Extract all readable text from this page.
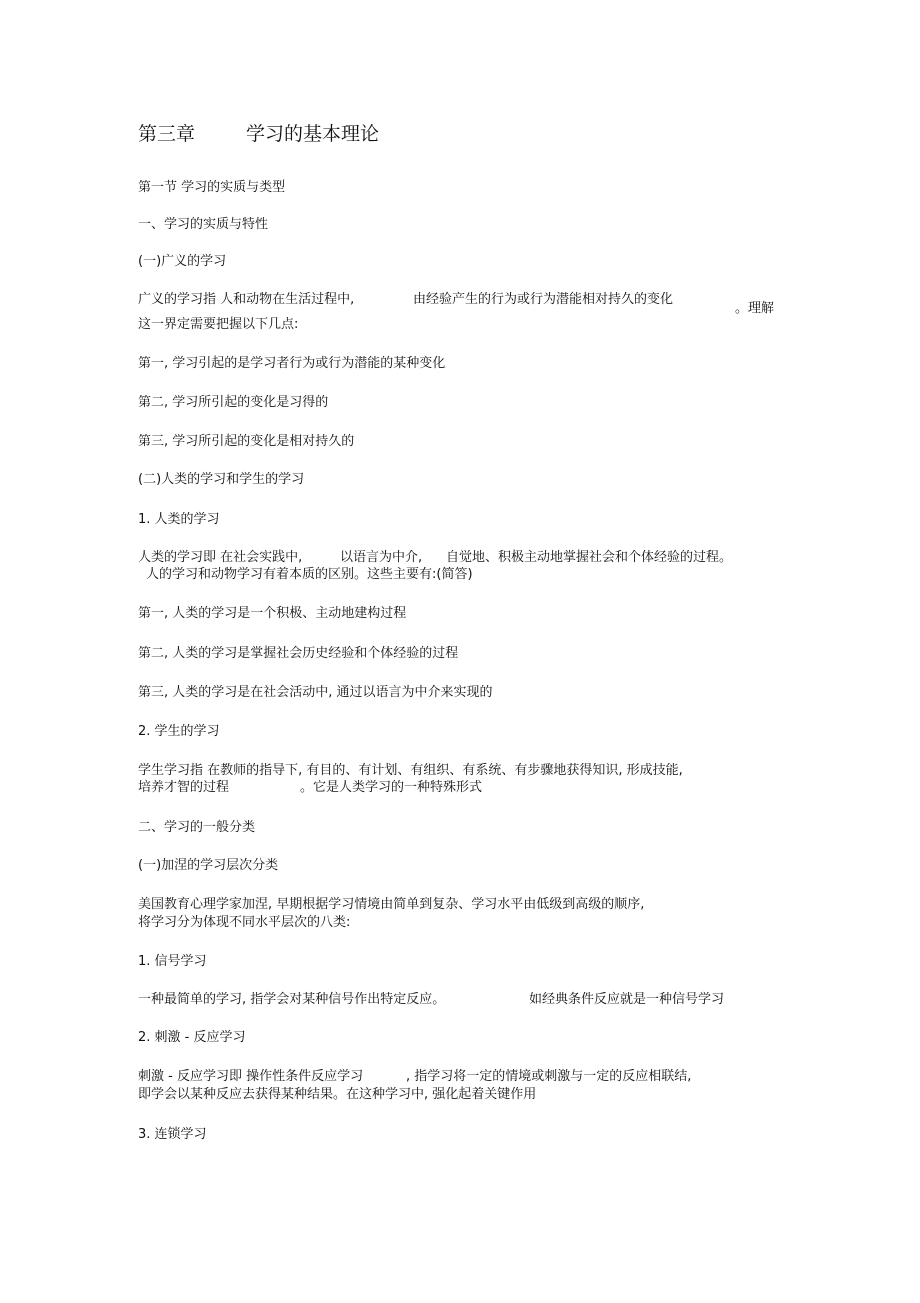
第三章	学习的基本理论
第一节 学习的实质与类型
一、学习的实质与特性
(一)广义的学习
广义的学习指 人和动物在生活过程中,	由经验产生的行为或行为潜能相对持久的变化
。理解
这一界定需要把握以下几点:
第一, 学习引起的是学习者行为或行为潜能的某种变化
第二, 学习所引起的变化是习得的
第三, 学习所引起的变化是相对持久的
(二)人类的学习和学生的学习
1. 人类的学习
人类的学习即 在社会实践中,	以语言为中介, 自觉地、积极主动地掌握社会和个体经验的过程。
人的学习和动物学习有着本质的区别。这些主要有:(简答)
第一, 人类的学习是一个积极、主动地建构过程
第二, 人类的学习是掌握社会历史经验和个体经验的过程
第三, 人类的学习是在社会活动中, 通过以语言为中介来实现的
2. 学生的学习
学生学习指 在教师的指导下, 有目的、有计划、有组织、有系统、有步骤地获得知识, 形成技能,
培养才智的过程	。它是人类学习的一种特殊形式
二、学习的一般分类
(一)加涅的学习层次分类
美国教育心理学家加涅, 早期根据学习情境由简单到复杂、学习水平由低级到高级的顺序,
将学习分为体现不同水平层次的八类:
1. 信号学习
一种最简单的学习, 指学会对某种信号作出特定反应。	如经典条件反应就是一种信号学习
2. 刺激 - 反应学习
刺激 - 反应学习即 操作性条件反应学习	, 指学习将一定的情境或刺激与一定的反应相联结,
即学会以某种反应去获得某种结果。在这种学习中, 强化起着关键作用
3. 连锁学习
